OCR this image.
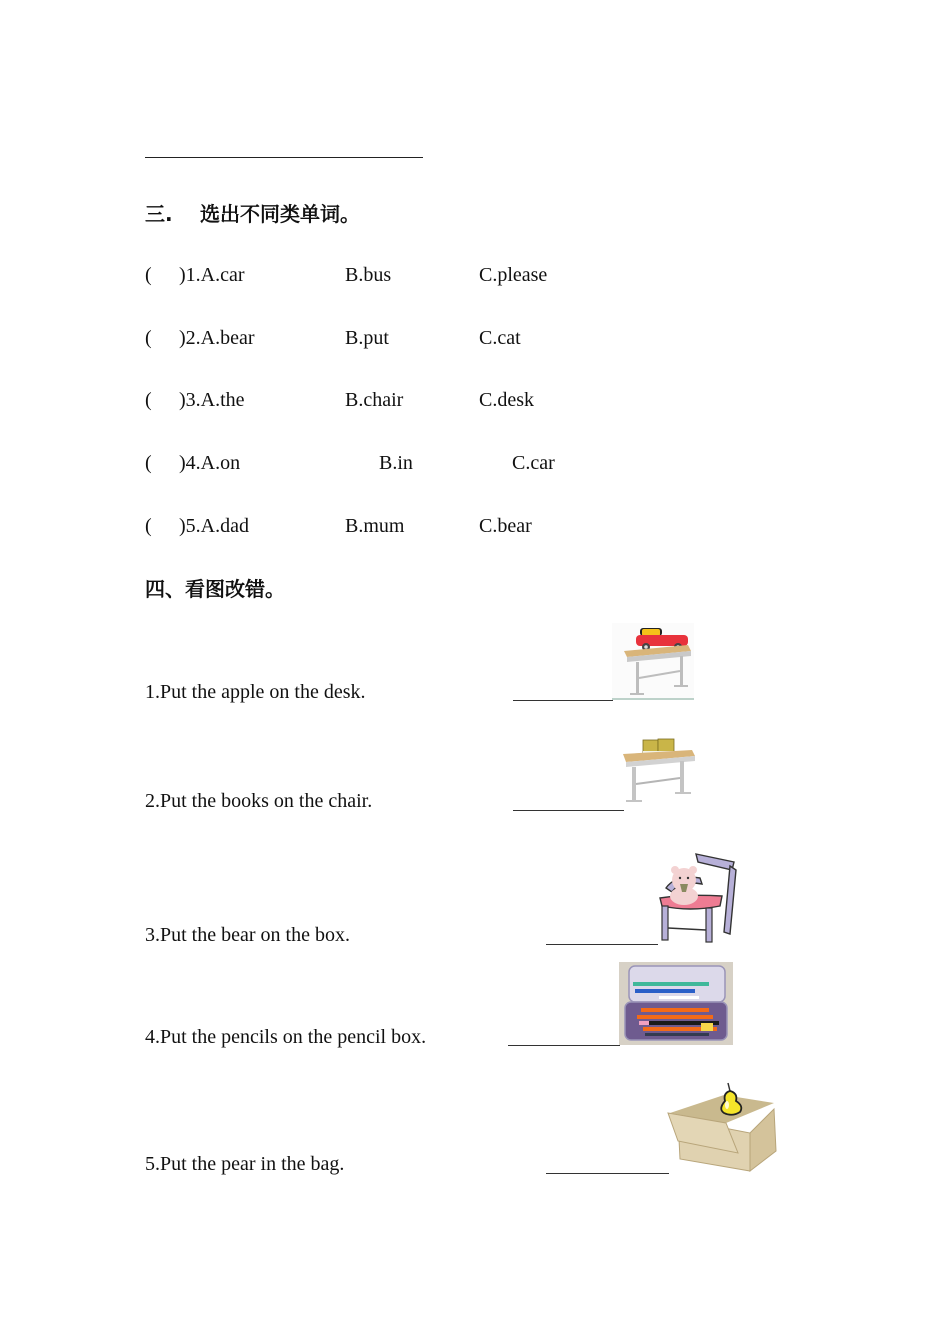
三. 选出不同类单词。
( )1.A.car	B.bus	C.please
( )2.A.bear	B.put	C.cat
( )3.A.the	B.chair	C.desk
( )4.A.on	B.in	C.car
( )5.A.dad	B.mum	C.bear
四、看图改错。
1.Put the apple on the desk.
2.Put the books on the chair.
3.Put the bear on the box.
4.Put the pencils on the pencil box.
5.Put the pear in the bag.
